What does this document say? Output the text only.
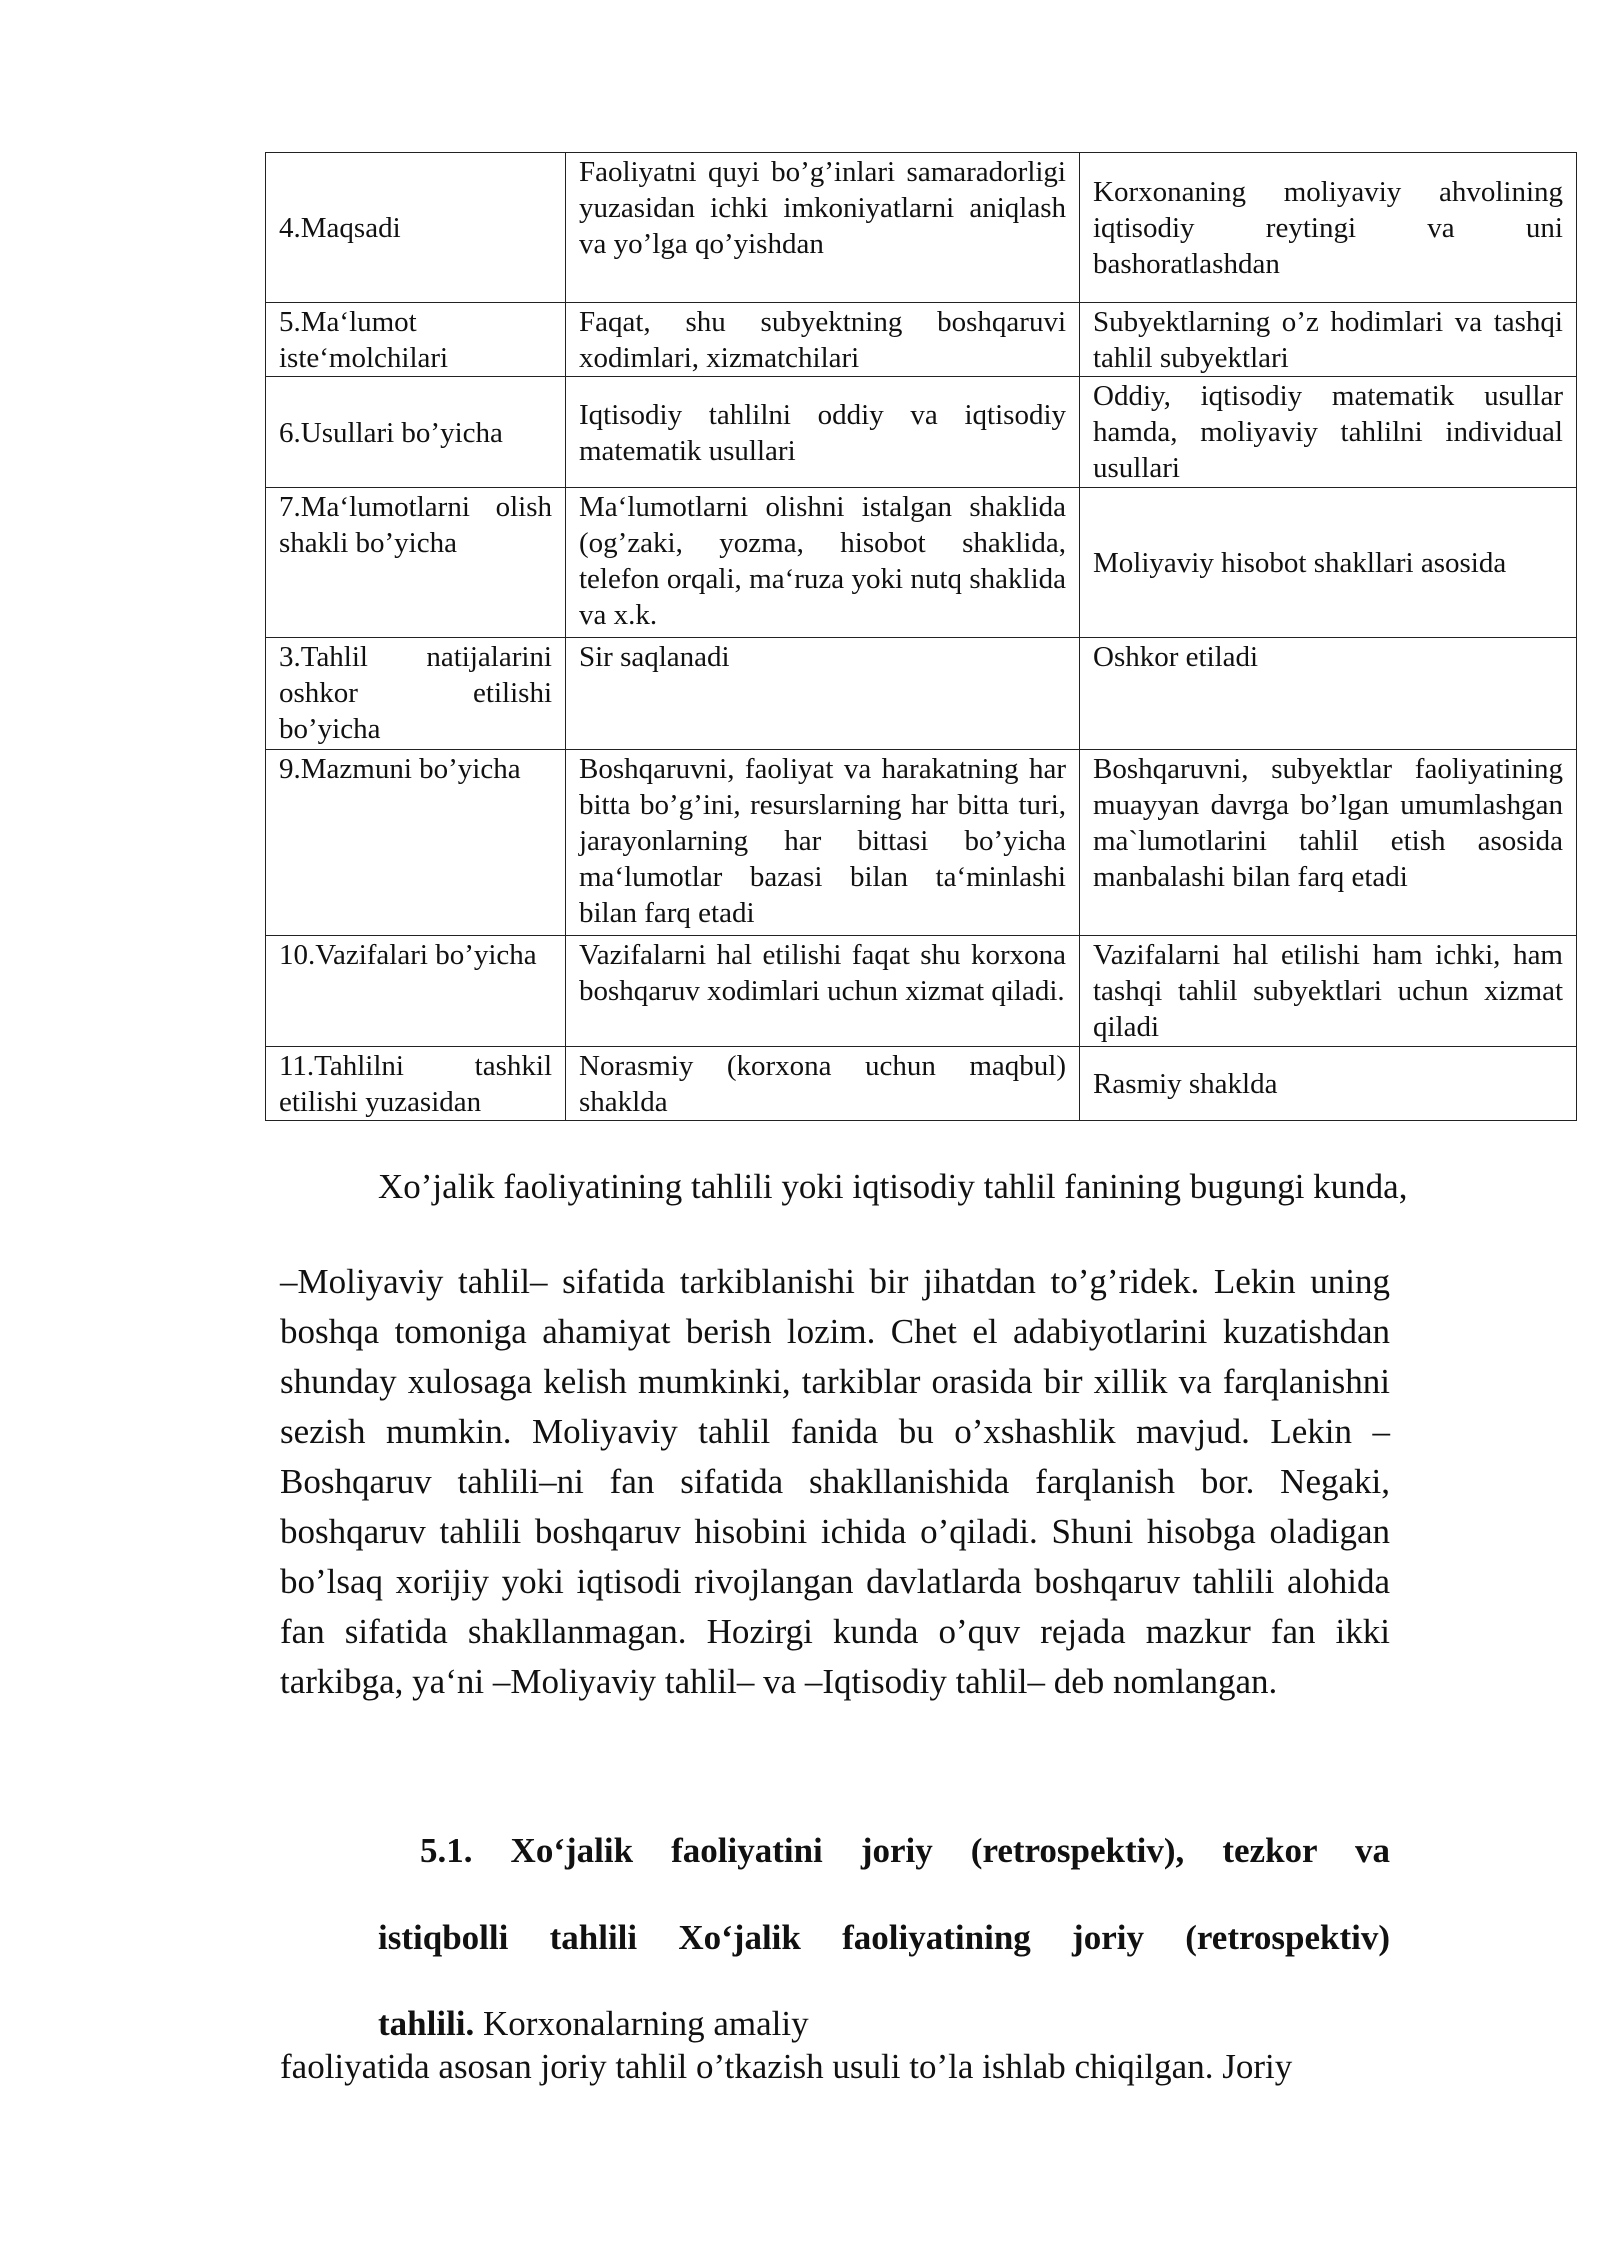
4.Maqsadi	Faoliyatni quyi bo’g’inlari samaradorligi yuzasidan ichki imkoniyatlarni aniqlash va yo’lga qo’yishdan	Korxonaning moliyaviy ahvolining iqtisodiy reytingi va uni bashoratlashdan
5.Ma‘lumot iste‘molchilari	Faqat, shu subyektning boshqaruvi xodimlari, xizmatchilari	Subyektlarning o’z hodimlari va tashqi tahlil subyektlari
6.Usullari bo’yicha	Iqtisodiy tahlilni oddiy va iqtisodiy matematik usullari	Oddiy, iqtisodiy matematik usullar hamda, moliyaviy tahlilni individual usullari
7.Ma‘lumotlarni olish shakli bo’yicha	Ma‘lumotlarni olishni istalgan shaklida (og’zaki, yozma, hisobot shaklida, telefon orqali, ma‘ruza yoki nutq shaklida va x.k.	Moliyaviy hisobot shakllari asosida
3.Tahlil natijalarini oshkor etilishi bo’yicha	Sir saqlanadi	Oshkor etiladi
9.Mazmuni bo’yicha	Boshqaruvni, faoliyat va harakatning har bitta bo’g’ini, resurslarning har bitta turi, jarayonlarning har bittasi bo’yicha ma‘lumotlar bazasi bilan ta‘minlashi bilan farq etadi	Boshqaruvni, subyektlar faoliyatining muayyan davrga bo’lgan umumlashgan ma`lumotlarini tahlil etish asosida manbalashi bilan farq etadi
10.Vazifalari bo’yicha	Vazifalarni hal etilishi faqat shu korxona boshqaruv xodimlari uchun xizmat qiladi.	Vazifalarni hal etilishi ham ichki, ham tashqi tahlil subyektlari uchun xizmat qiladi
11.Tahlilni tashkil etilishi yuzasidan	Norasmiy (korxona uchun maqbul) shaklda	Rasmiy shaklda

Xo’jalik faoliyatining tahlili yoki iqtisodiy tahlil fanining bugungi kunda,

–Moliyaviy tahlil– sifatida tarkiblanishi bir jihatdan to’g’ridek. Lekin uning boshqa tomoniga ahamiyat berish lozim. Chet el adabiyotlarini kuzatishdan shunday xulosaga kelish mumkinki, tarkiblar orasida bir xillik va farqlanishni sezish mumkin. Moliyaviy tahlil fanida bu o’xshashlik mavjud. Lekin –Boshqaruv tahlili–ni fan sifatida shakllanishida farqlanish bor. Negaki, boshqaruv tahlili boshqaruv hisobini ichida o’qiladi. Shuni hisobga oladigan bo’lsaq xorijiy yoki iqtisodi rivojlangan davlatlarda boshqaruv tahlili alohida fan sifatida shakllanmagan. Hozirgi kunda o’quv rejada mazkur fan ikki tarkibga, ya‘ni –Moliyaviy tahlil– va –Iqtisodiy tahlil– deb nomlangan.

5.1. Xo‘jalik faoliyatini joriy (retrospektiv), tezkor va

istiqbolli tahlili Xo‘jalik faoliyatining joriy (retrospektiv)

tahlili. Korxonalarning amaliy

faoliyatida asosan joriy tahlil o’tkazish usuli to’la ishlab chiqilgan. Joriy
